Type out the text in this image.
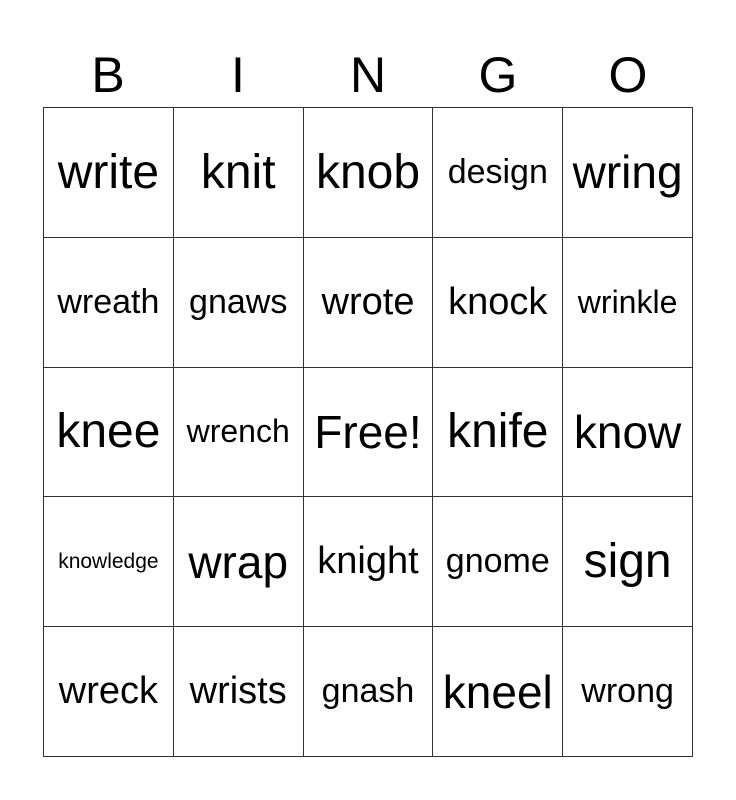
B	I	N	G	O
write knit knob design wring
wreath gnaws wrote knock wrinkle
knee wrench Free! knife know
knowledge wrap knight gnome sign
wreck wrists	gnash kneel wrong
